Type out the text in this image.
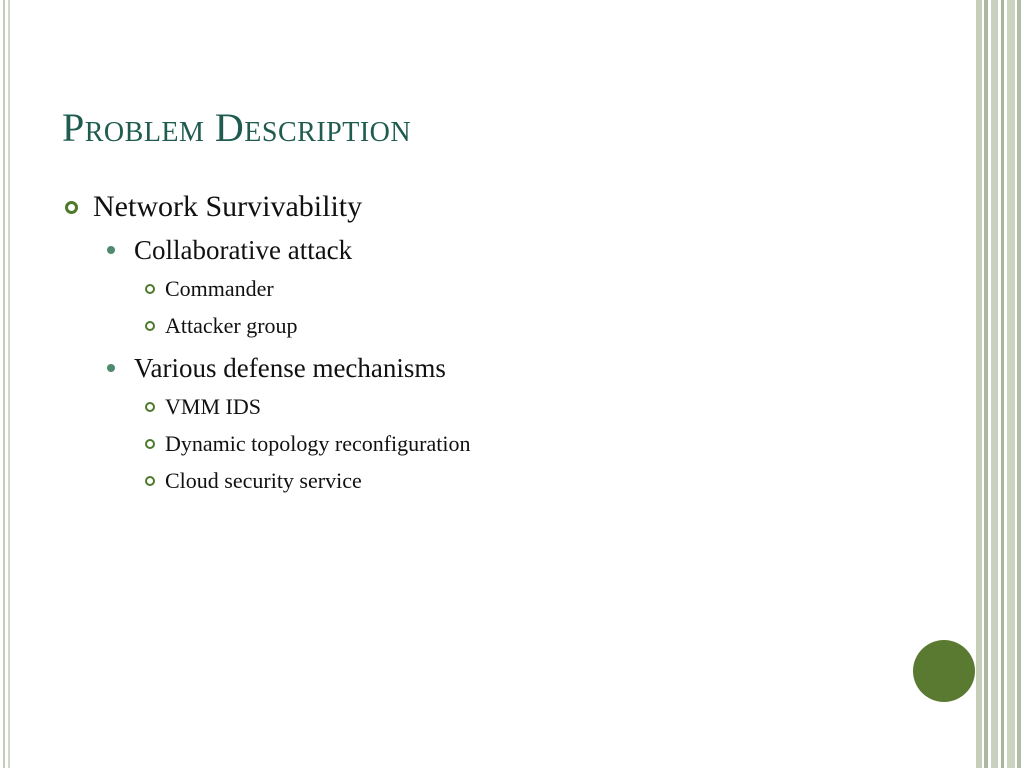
Problem Description
Network Survivability
Collaborative attack
Commander
Attacker group
Various defense mechanisms
VMM IDS
Dynamic topology reconfiguration
Cloud security service
